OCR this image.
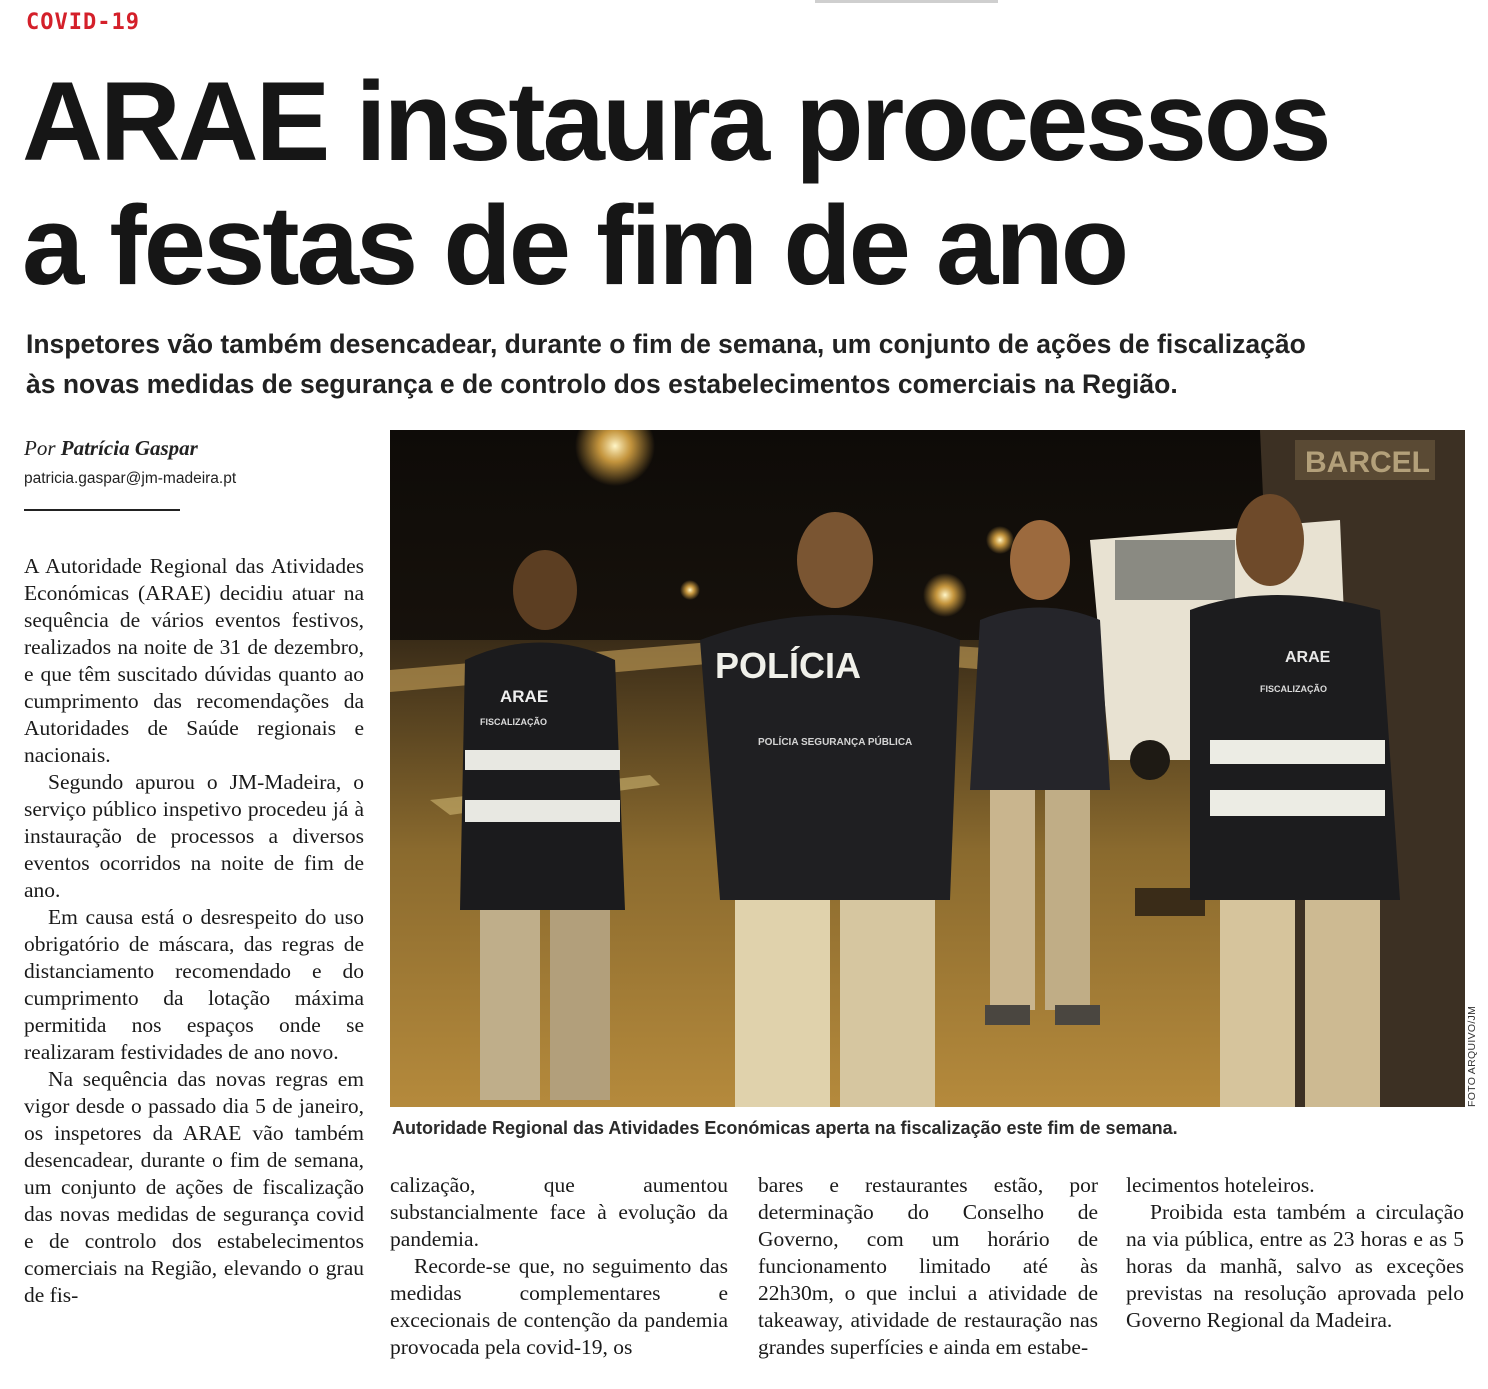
COVID-19
ARAE instaura processos
a festas de fim de ano
Inspetores vão também desencadear, durante o fim de semana, um conjunto de ações de fiscalização
às novas medidas de segurança e de controlo dos estabelecimentos comerciais na Região.
Por Patrícia Gaspar
patricia.gaspar@jm-madeira.pt

A Autoridade Regional das Atividades Económicas (ARAE) decidiu atuar na sequência de vários eventos festivos, realizados na noite de 31 de dezembro, e que têm suscitado dúvidas quanto ao cumprimento das recomendações da Autoridades de Saúde regionais e nacionais.

Segundo apurou o JM-Madeira, o serviço público inspetivo procedeu já à instauração de processos a diversos eventos ocorridos na noite de fim de ano.

Em causa está o desrespeito do uso obrigatório de máscara, das regras de distanciamento recomendado e do cumprimento da lotação máxima permitida nos espaços onde se realizaram festividades de ano novo.

Na sequência das novas regras em vigor desde o passado dia 5 de janeiro, os inspetores da ARAE vão também desencadear, durante o fim de semana, um conjunto de ações de fiscalização das novas medidas de segurança covid e de controlo dos estabelecimentos comerciais na Região, elevando o grau de fis-

BARCEL
ARAE
FISCALIZAÇÃO
POLÍCIA
POLÍCIA SEGURANÇA PÚBLICA
ARAE
FISCALIZAÇÃO
FOTO ARQUIVO/JM
Autoridade Regional das Atividades Económicas aperta na fiscalização este fim de semana.

calização, que aumentou substancialmente face à evolução da pandemia.

Recorde-se que, no seguimento das medidas complementares e excecionais de contenção da pandemia provocada pela covid-19, os

bares e restaurantes estão, por determinação do Conselho de Governo, com um horário de funcionamento limitado até às 22h30m, o que inclui a atividade de takeaway, atividade de restauração nas grandes superfícies e ainda em estabe-

lecimentos hoteleiros.

Proibida esta também a circulação na via pública, entre as 23 horas e as 5 horas da manhã, salvo as exceções previstas na resolução aprovada pelo Governo Regional da Madeira.
